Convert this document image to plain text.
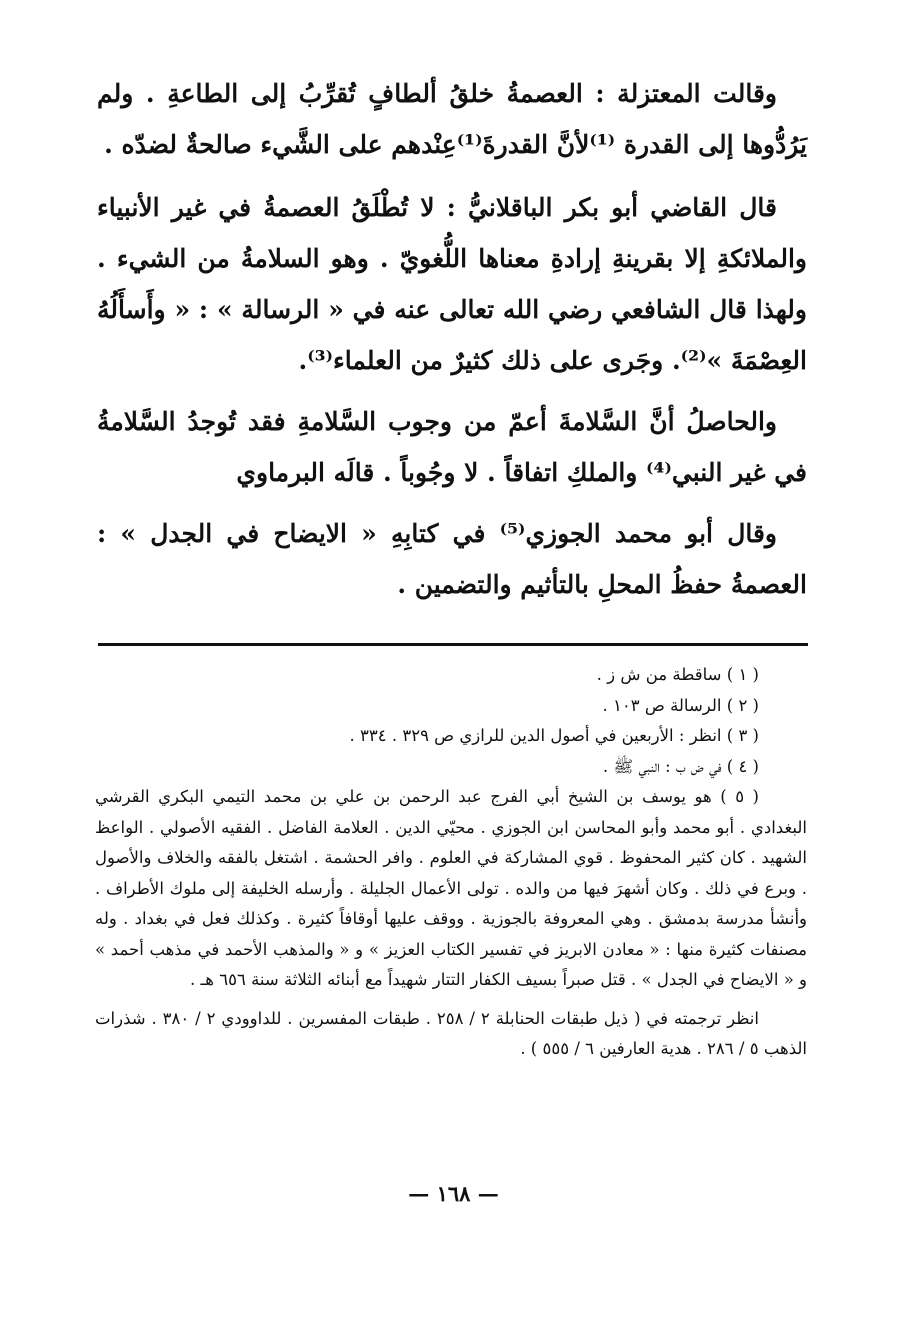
وقالت المعتزلة : العصمةُ خلقُ ألطافٍ تُقرِّبُ إلى الطاعةِ . ولم يَرُدُّوها إلى القدرة ⁽¹⁾لأنَّ القدرةَ⁽¹⁾عِنْدهم على الشَّيء صالحةٌ لضدّه .

قال القاضي أبو بكر الباقلانيُّ : لا تُطْلَقُ العصمةُ في غير الأنبياء والملائكةِ إلا بقرينةِ إرادةِ معناها اللُّغويّ . وهو السلامةُ من الشيء . ولهذا قال الشافعي رضي الله تعالى عنه في « الرسالة » : « وأَسأَلُهُ العِصْمَةَ »⁽²⁾. وجَرى على ذلك كثيرٌ من العلماء⁽³⁾.

والحاصلُ أنَّ السَّلامةَ أعمّ من وجوب السَّلامةِ فقد تُوجدُ السَّلامةُ في غير النبي⁽⁴⁾ والملكِ اتفاقاً . لا وجُوباً . قالَه البرماوي

وقال أبو محمد الجوزي⁽⁵⁾ في كتابِهِ « الايضاح في الجدل » : العصمةُ حفظُ المحلِ بالتأثيم والتضمين .

( ١ ) ساقطة من ش ز .

( ٢ ) الرسالة ص ١٠٣ .

( ٣ ) انظر : الأربعين في أصول الدين للرازي ص ٣٢٩ . ٣٣٤ .

( ٤ ) في ض ب : النبي ﷺ .

( ٥ ) هو يوسف بن الشيخ أبي الفرج عبد الرحمن بن علي بن محمد التيمي البكري القرشي البغدادي . أبو محمد وأبو المحاسن ابن الجوزي . محيّي الدين . العلامة الفاضل . الفقيه الأصولي . الواعظ الشهيد . كان كثير المحفوظ . قوي المشاركة في العلوم . وافر الحشمة . اشتغل بالفقه والخلاف والأصول . وبرع في ذلك . وكان أشهرَ فيها من والده . تولى الأعمال الجليلة . وأرسله الخليفة إلى ملوك الأطراف . وأنشأ مدرسة بدمشق . وهي المعروفة بالجوزية . ووقف عليها أوقافاً كثيرة . وكذلك فعل في بغداد . وله مصنفات كثيرة منها : « معادن الابريز في تفسير الكتاب العزيز » و « والمذهب الأحمد في مذهب أحمد » و « الايضاح في الجدل » . قتل صبراً بسيف الكفار التتار شهيداً مع أبنائه الثلاثة سنة ٦٥٦ هـ .

انظر ترجمته في ( ذيل طبقات الحنابلة ٢ / ٢٥٨ . طبقات المفسرين . للداوودي ٢ / ٣٨٠ . شذرات الذهب ٥ / ٢٨٦ . هدية العارفين ٦ / ٥٥٥ ) .

— ١٦٨ —
